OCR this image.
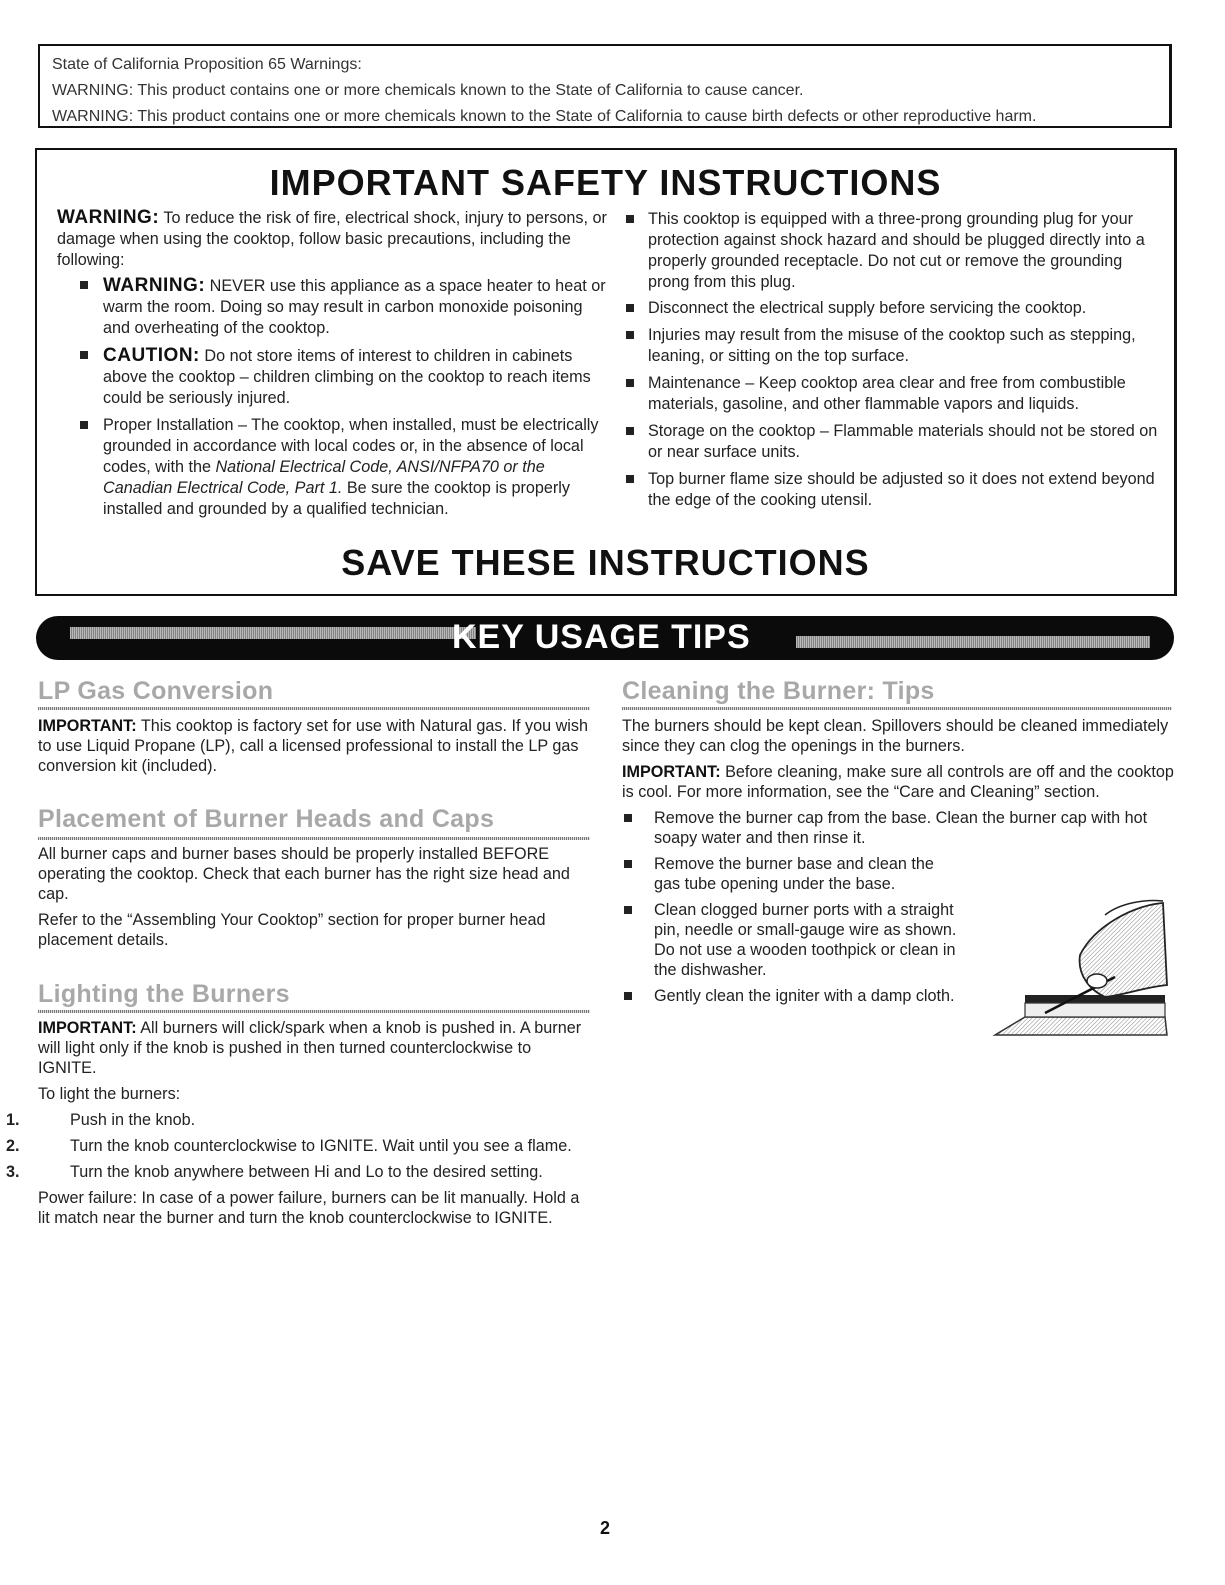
State of California Proposition 65 Warnings:
WARNING: This product contains one or more chemicals known to the State of California to cause cancer.
WARNING: This product contains one or more chemicals known to the State of California to cause birth defects or other reproductive harm.
IMPORTANT SAFETY INSTRUCTIONS

WARNING: To reduce the risk of fire, electrical shock, injury to persons, or damage when using the cooktop, follow basic precautions, including the following:

WARNING: NEVER use this appliance as a space heater to heat or warm the room. Doing so may result in carbon monoxide poisoning and overheating of the cooktop.

CAUTION: Do not store items of interest to children in cabinets above the cooktop – children climbing on the cooktop to reach items could be seriously injured.

Proper Installation – The cooktop, when installed, must be electrically grounded in accordance with local codes or, in the absence of local codes, with the National Electrical Code, ANSI/NFPA70 or the Canadian Electrical Code, Part 1. Be sure the cooktop is properly installed and grounded by a qualified technician.

This cooktop is equipped with a three-prong grounding plug for your protection against shock hazard and should be plugged directly into a properly grounded receptacle. Do not cut or remove the grounding prong from this plug.

Disconnect the electrical supply before servicing the cooktop.

Injuries may result from the misuse of the cooktop such as stepping, leaning, or sitting on the top surface.

Maintenance – Keep cooktop area clear and free from combustible materials, gasoline, and other flammable vapors and liquids.

Storage on the cooktop – Flammable materials should not be stored on or near surface units.

Top burner flame size should be adjusted so it does not extend beyond the edge of the cooking utensil.

SAVE THESE INSTRUCTIONS
KEY USAGE TIPS
LP Gas Conversion

IMPORTANT: This cooktop is factory set for use with Natural gas. If you wish to use Liquid Propane (LP), call a licensed professional to install the LP gas conversion kit (included).

Placement of Burner Heads and Caps

All burner caps and burner bases should be properly installed BEFORE operating the cooktop. Check that each burner has the right size head and cap.

Refer to the “Assembling Your Cooktop” section for proper burner head placement details.

Lighting the Burners

IMPORTANT: All burners will click/spark when a knob is pushed in. A burner will light only if the knob is pushed in then turned counterclockwise to IGNITE.

To light the burners:

1.	Push in the knob.

2.	Turn the knob counterclockwise to IGNITE. Wait until you see a flame.

3.	Turn the knob anywhere between Hi and Lo to the desired setting.

Power failure: In case of a power failure, burners can be lit manually. Hold a lit match near the burner and turn the knob counterclockwise to IGNITE.

Cleaning the Burner: Tips

The burners should be kept clean. Spillovers should be cleaned immediately since they can clog the openings in the burners.

IMPORTANT: Before cleaning, make sure all controls are off and the cooktop is cool. For more information, see the “Care and Cleaning” section.

Remove the burner cap from the base. Clean the burner cap with hot soapy water and then rinse it.
Remove the burner base and clean the gas tube opening under the base.
Clean clogged burner ports with a straight pin, needle or small-gauge wire as shown. Do not use a wooden toothpick or clean in the dishwasher.
Gently clean the igniter with a damp cloth.
2
